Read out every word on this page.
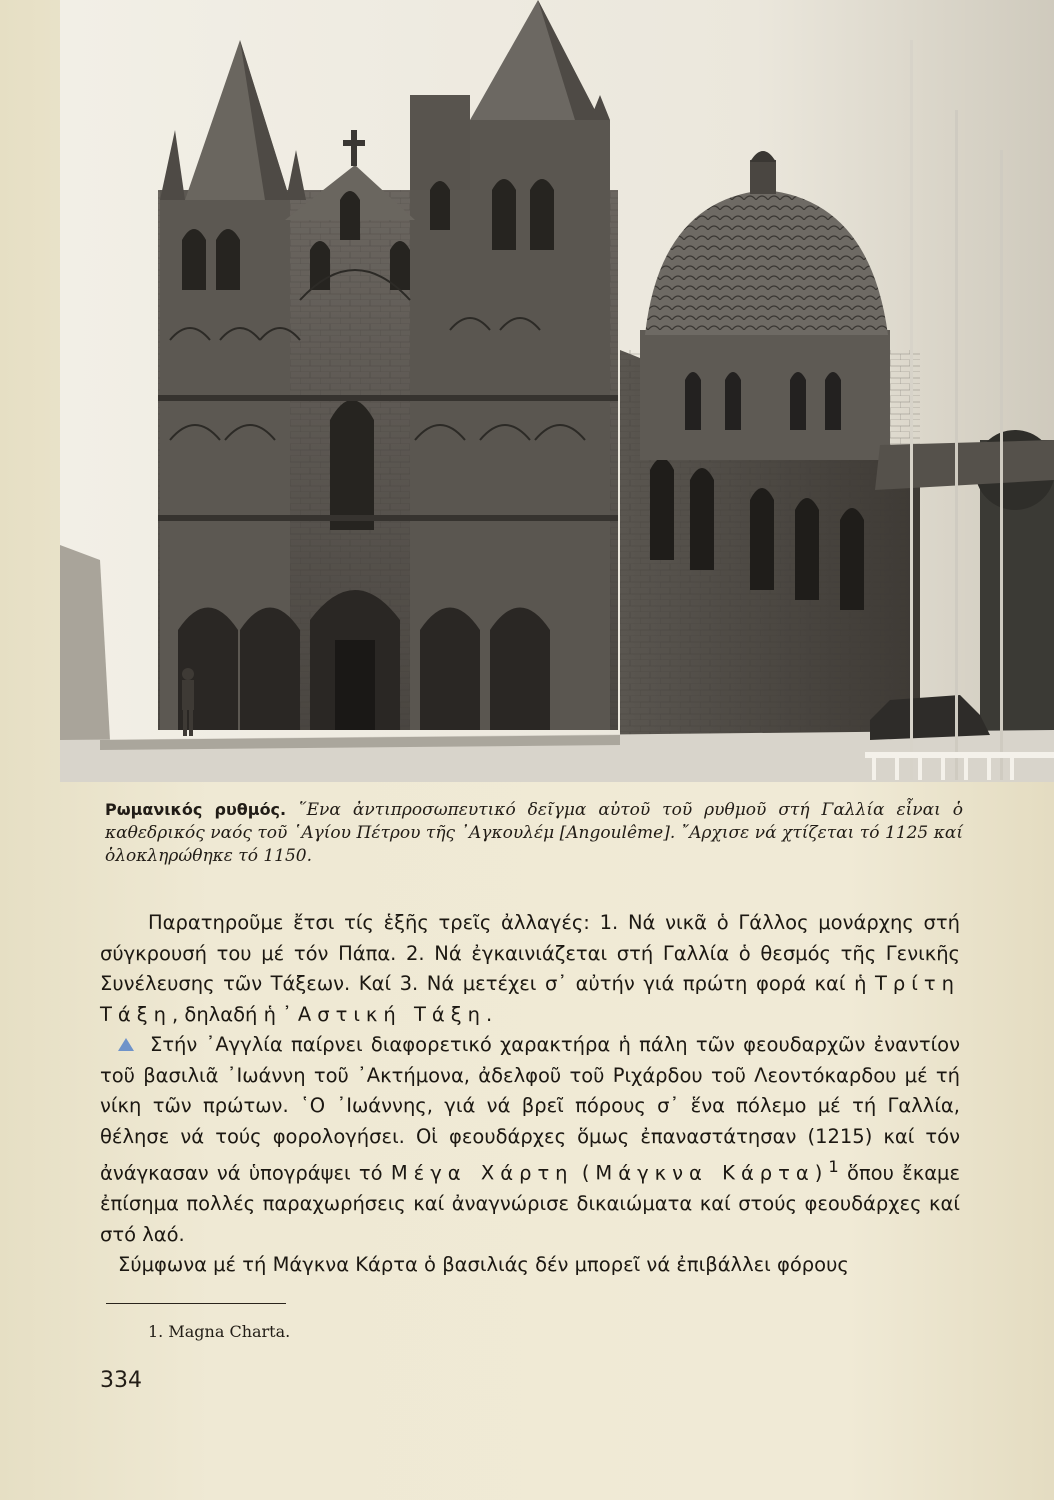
Ρωμανικός ρυθμός. ῞Ενα ἀντιπροσωπευτικό δεῖγμα αὐτοῦ τοῦ ρυθμοῦ στή Γαλλία εἶναι ὁ καθεδρικός ναός τοῦ ῾Αγίου Πέτρου τῆς ᾿Αγκουλέμ [Angoulême]. ῎Αρχισε νά χτίζεται τό 1125 καί ὁλοκληρώθηκε τό 1150.

Παρατηροῦμε ἔτσι τίς ἑξῆς τρεῖς ἀλλαγές: 1. Νά νικᾶ ὁ Γάλλος μονάρχης στή σύγκρουσή του μέ τόν Πάπα. 2. Νά ἐγκαινιάζεται στή Γαλλία ὁ θεσμός τῆς Γενικῆς Συνέλευσης τῶν Τάξεων. Καί 3. Νά μετέχει σ᾿ αὐτήν γιά πρώτη φορά καί ἡ Τρίτη Τάξη, δηλαδή ἡ ᾿Αστική Τάξη.

Στήν ᾿Αγγλία παίρνει διαφορετικό χαρακτήρα ἡ πάλη τῶν φεουδαρχῶν ἐναντίον τοῦ βασιλιᾶ ᾿Ιωάννη τοῦ ᾿Ακτήμονα, ἀδελφοῦ τοῦ Ριχάρδου τοῦ Λεοντόκαρδου μέ τή νίκη τῶν πρώτων. ῾Ο ᾿Ιωάννης, γιά νά βρεῖ πόρους σ᾿ ἕνα πόλεμο μέ τή Γαλλία, θέλησε νά τούς φορολογήσει. Οἱ φεουδάρχες ὅμως ἐπαναστάτησαν (1215) καί τόν ἀνάγκασαν νά ὑπογράψει τό Μέγα Χάρτη (Μάγκνα Κάρτα)$^1$ ὅπου ἔκαμε ἐπίσημα πολλές παραχωρήσεις καί ἀναγνώρισε δικαιώματα καί στούς φεουδάρχες καί στό λαό.

Σύμφωνα μέ τή Μάγκνα Κάρτα ὁ βασιλιάς δέν μπορεῖ νά ἐπιβάλλει φόρους

1. Magna Charta.
334
